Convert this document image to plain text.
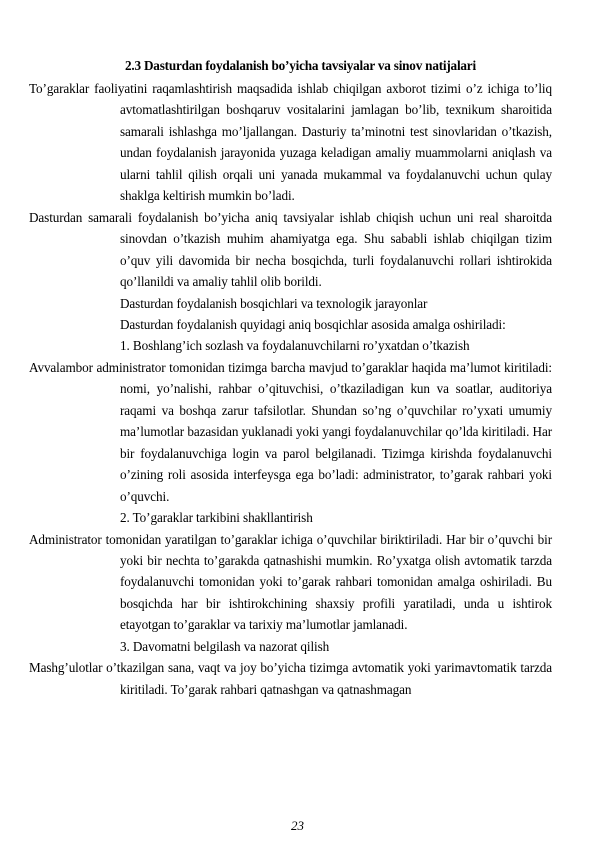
2.3 Dasturdan foydalanish bo’yicha tavsiyalar va sinov natijalari

To’garaklar faoliyatini raqamlashtirish maqsadida ishlab chiqilgan axborot tizimi o’z ichiga to’liq avtomatlashtirilgan boshqaruv vositalarini jamlagan bo’lib, texnikum sharoitida samarali ishlashga mo’ljallangan. Dasturiy ta’minotni test sinovlaridan o’tkazish, undan foydalanish jarayonida yuzaga keladigan amaliy muammolarni aniqlash va ularni tahlil qilish orqali uni yanada mukammal va foydalanuvchi uchun qulay shaklga keltirish mumkin bo’ladi.

Dasturdan samarali foydalanish bo’yicha aniq tavsiyalar ishlab chiqish uchun uni real sharoitda sinovdan o’tkazish muhim ahamiyatga ega. Shu sababli ishlab chiqilgan tizim o’quv yili davomida bir necha bosqichda, turli foydalanuvchi rollari ishtirokida qo’llanildi va amaliy tahlil olib borildi.

Dasturdan foydalanish bosqichlari va texnologik jarayonlar

Dasturdan foydalanish quyidagi aniq bosqichlar asosida amalga oshiriladi:

1. Boshlang’ich sozlash va foydalanuvchilarni ro’yxatdan o’tkazish

Avvalambor administrator tomonidan tizimga barcha mavjud to’garaklar haqida ma’lumot kiritiladi: nomi, yo’nalishi, rahbar o’qituvchisi, o’tkaziladigan kun va soatlar, auditoriya raqami va boshqa zarur tafsilotlar. Shundan so’ng o’quvchilar ro’yxati umumiy ma’lumotlar bazasidan yuklanadi yoki yangi foydalanuvchilar qo’lda kiritiladi. Har bir foydalanuvchiga login va parol belgilanadi. Tizimga kirishda foydalanuvchi o’zining roli asosida interfeysga ega bo’ladi: administrator, to’garak rahbari yoki o’quvchi.

2. To’garaklar tarkibini shakllantirish

Administrator tomonidan yaratilgan to’garaklar ichiga o’quvchilar biriktiriladi. Har bir o’quvchi bir yoki bir nechta to’garakda qatnashishi mumkin. Ro’yxatga olish avtomatik tarzda foydalanuvchi tomonidan yoki to’garak rahbari tomonidan amalga oshiriladi. Bu bosqichda har bir ishtirokchining shaxsiy profili yaratiladi, unda u ishtirok etayotgan to’garaklar va tarixiy ma’lumotlar jamlanadi.

3. Davomatni belgilash va nazorat qilish

Mashg’ulotlar o’tkazilgan sana, vaqt va joy bo’yicha tizimga avtomatik yoki yarimavtomatik tarzda kiritiladi. To’garak rahbari qatnashgan va qatnashmagan

23
